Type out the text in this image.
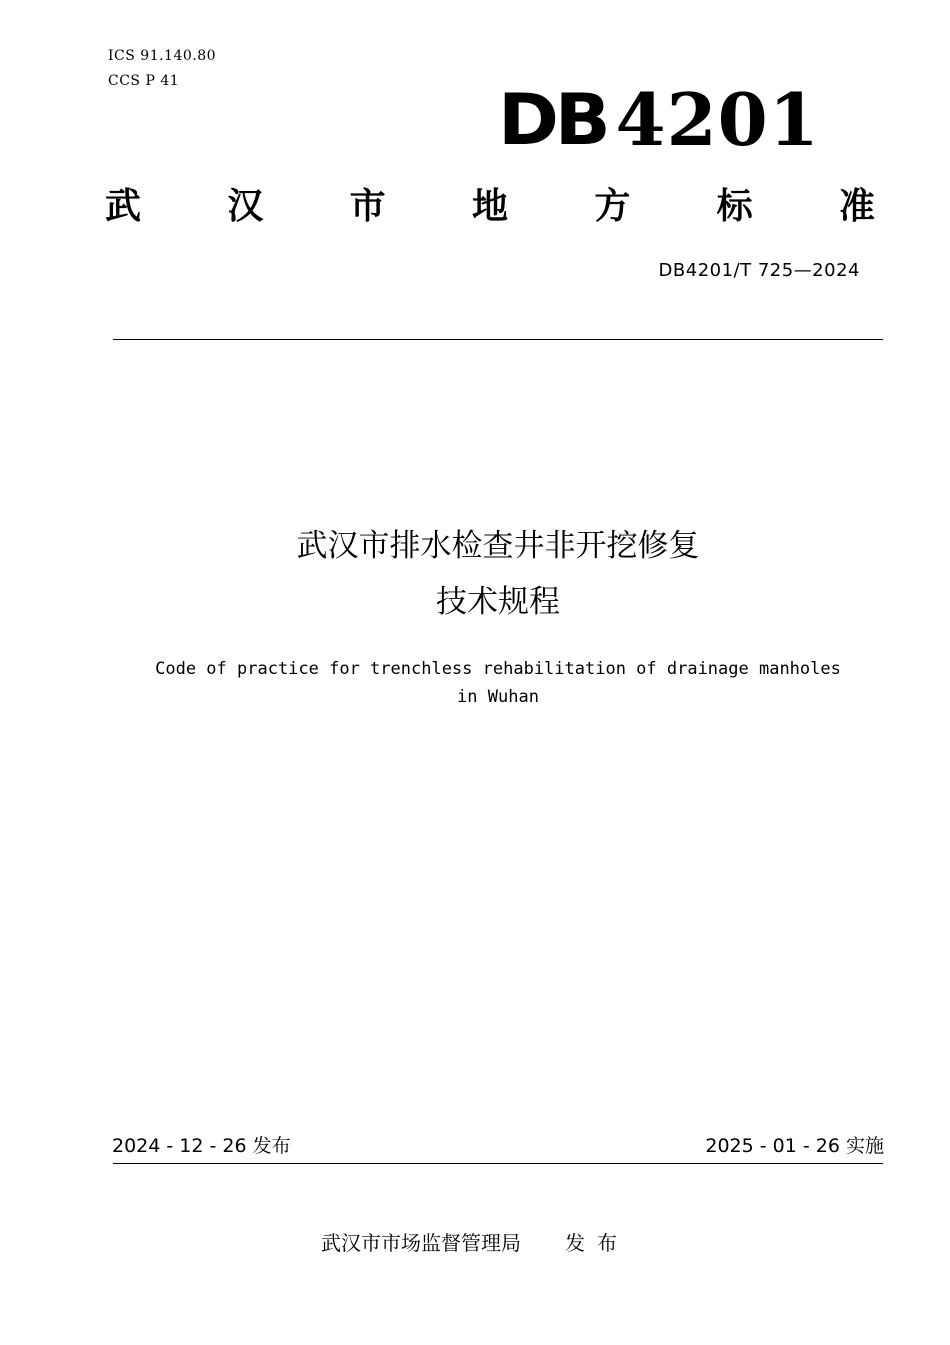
ICS 91.140.80
CCS P 41	DB 4201
武 汉 市 地 方 标 准
DB4201/T 725—2024
武汉市排水检查井非开挖修复
技术规程
Code of practice for trenchless rehabilitation of drainage manholes
in Wuhan
2024 - 12 - 26 发布	2025 - 01 - 26 实施
武汉市市场监督管理局 发布
